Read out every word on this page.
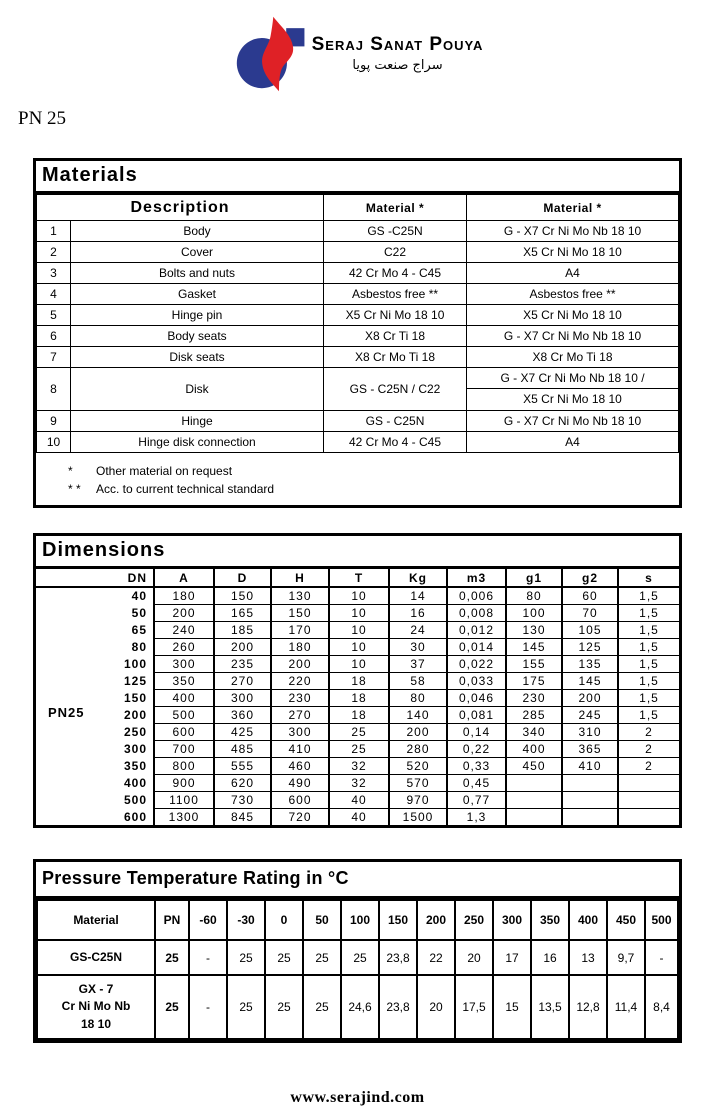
Seraj Sanat Pouya
سراج صنعت پویا
PN 25
Materials
Description		Material *	Material *
1	Body	GS -C25N	G - X7 Cr Ni Mo Nb 18 10
2	Cover	C22	X5 Cr Ni Mo 18 10
3	Bolts and nuts	42 Cr Mo 4 - C45	A4
4	Gasket	Asbestos free **	Asbestos free **
5	Hinge pin	X5 Cr Ni Mo 18 10	X5 Cr Ni Mo 18 10
6	Body seats	X8 Cr Ti 18	G - X7 Cr Ni Mo Nb 18 10
7	Disk seats	X8 Cr Mo Ti 18	X8 Cr Mo Ti 18
8	Disk	GS - C25N / C22	G - X7 Cr Ni Mo Nb 18 10 /
X5 Cr Ni Mo 18 10

9	Hinge	GS - C25N	G - X7 Cr Ni Mo Nb 18 10
10	Hinge disk connection	42 Cr Mo 4 - C45	A4
*	Other material on request
* *	Acc. to current technical standard
Dimensions
DN	A	D	H	T	Kg	m3	g1	g2	s
40	180	150	130	10	14	0,006	80	60	1,5
50	200	165	150	10	16	0,008	100	70	1,5
65	240	185	170	10	24	0,012	130	105	1,5
80	260	200	180	10	30	0,014	145	125	1,5
100	300	235	200	10	37	0,022	155	135	1,5
125	350	270	220	18	58	0,033	175	145	1,5
150	400	300	230	18	80	0,046	230	200	1,5
200	500	360	270	18	140	0,081	285	245	1,5
250	600	425	300	25	200	0,14	340	310	2
300	700	485	410	25	280	0,22	400	365	2
350	800	555	460	32	520	0,33	450	410	2
400	900	620	490	32	570	0,45			
500	1100	730	600	40	970	0,77			
600	1300	845	720	40	1500	1,3			
PN25
Pressure Temperature Rating in °C
Material	PN	-60	-30	0	50	100	150	200	250	300	350	400	450	500

GS-C25N	25	-	25	25	25	25	23,8	22	20	17	16	13	9,7	-

GX - 7
Cr Ni Mo Nb
18 10	25	-	25	25	25	24,6	23,8	20	17,5	15	13,5	12,8	11,4	8,4
www.serajind.com
